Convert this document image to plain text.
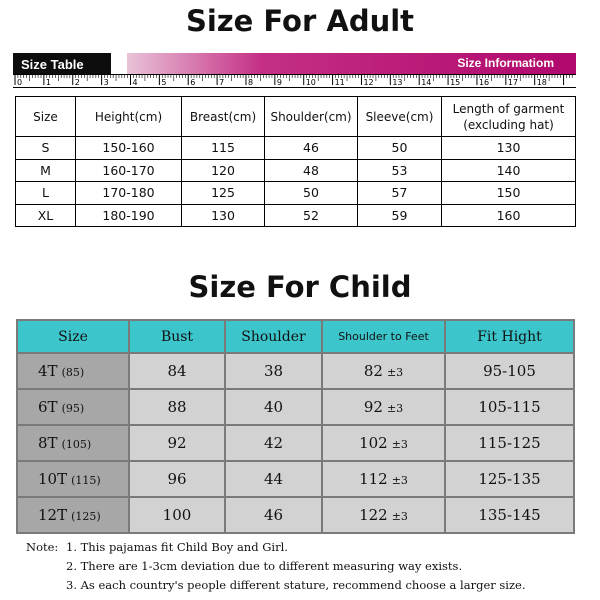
Size For Adult
Size Table	Size Informatiom
0	1	2	3	4	5	6	7	8	9	10 11 12 13 14 15 16 17 18
Size	Height(cm)	Breast(cm)	Shoulder(cm)	Sleeve(cm)	Length of garment
(excluding hat)

S	150-160	115	46	50	130
M	160-170	120	48	53	140
L	170-180	125	50	57	150
XL	180-190	130	52	59	160
Size For Child
Size	Bust	Shoulder	Shoulder to Feet	Fit Hight
4T (85)	84	38	82 ±3	95-105
6T (95)	88	40	92 ±3	105-115
8T (105)	92	42	102 ±3	115-125
10T (115)	96	44	112 ±3	125-135
12T (125)	100	46	122 ±3	135-145
Note: 1. This pajamas fit Child Boy and Girl.
2. There are 1-3cm deviation due to different measuring way exists.
3. As each country's people different stature, recommend choose a larger size.
